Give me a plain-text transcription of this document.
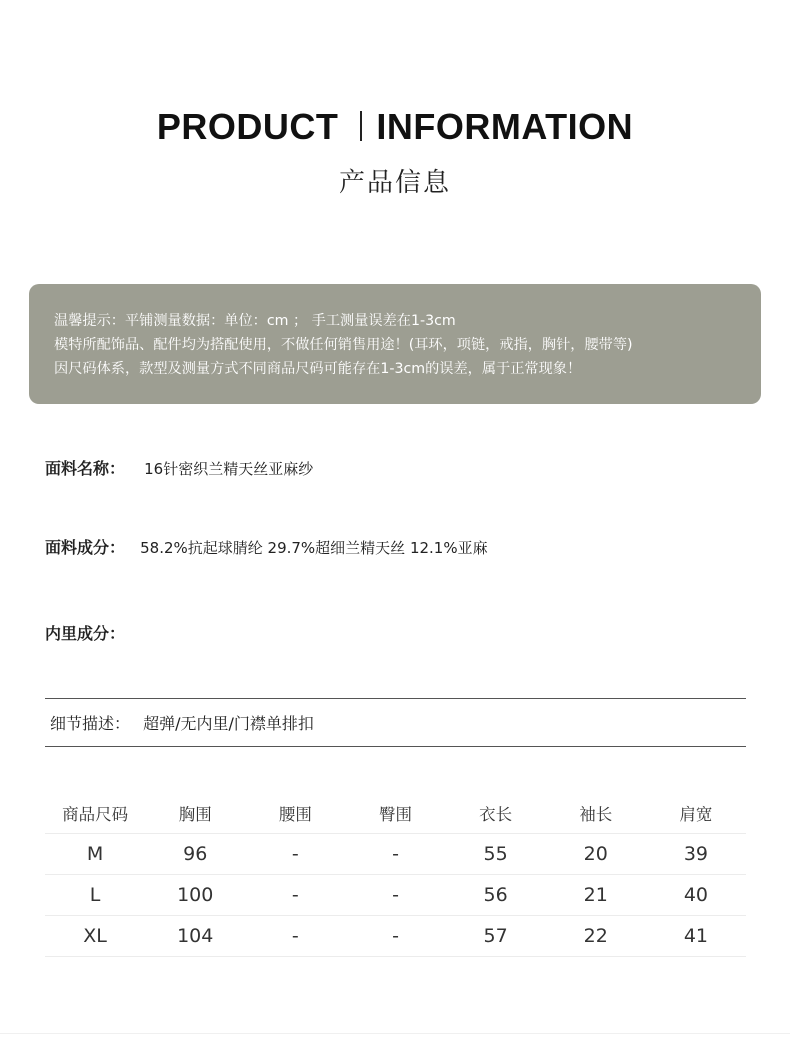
PRODUCT INFORMATION
产品信息
温馨提示：平铺测量数据：单位：cm ； 手工测量误差在1-3cm
模特所配饰品、配件均为搭配使用，不做任何销售用途！(耳环，项链，戒指，胸针，腰带等)
因尺码体系，款型及测量方式不同商品尺码可能存在1-3cm的误差，属于正常现象！
面料名称： 16针密织兰精天丝亚麻纱
面料成分： 58.2%抗起球腈纶 29.7%超细兰精天丝 12.1%亚麻
内里成分：
细节描述： 超弹/无内里/门襟单排扣
商品尺码	胸围	腰围	臀围	衣长	袖长	肩宽
M	96	-	-	55	20	39
L	100	-	-	56	21	40
XL	104	-	-	57	22	41
